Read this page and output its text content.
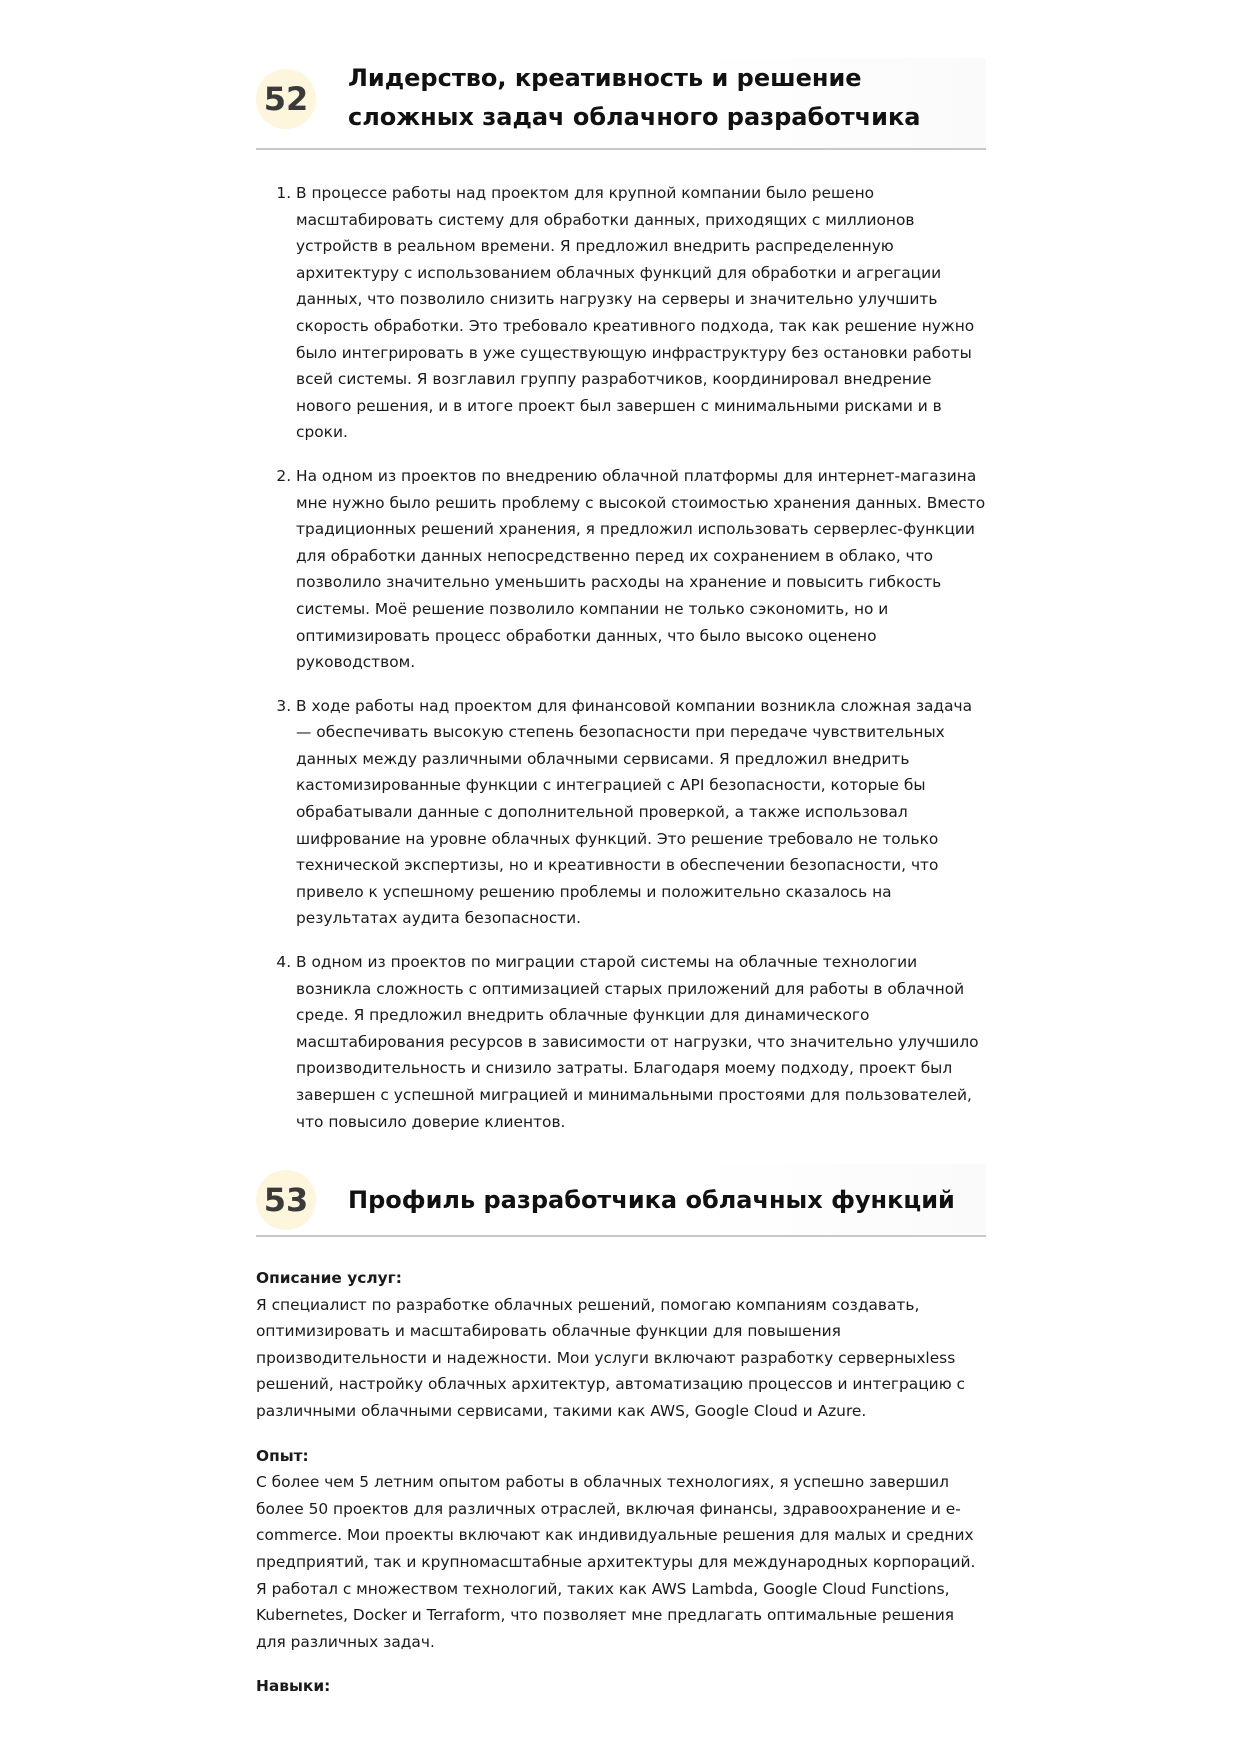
52
Лидерство, креативность и решение сложных задач облачного разработчика
1. В процессе работы над проектом для крупной компании было решено масштабировать систему для обработки данных, приходящих с миллионов устройств в реальном времени. Я предложил внедрить распределенную архитектуру с использованием облачных функций для обработки и агрегации данных, что позволило снизить нагрузку на серверы и значительно улучшить скорость обработки. Это требовало креативного подхода, так как решение нужно было интегрировать в уже существующую инфраструктуру без остановки работы всей системы. Я возглавил группу разработчиков, координировал внедрение нового решения, и в итоге проект был завершен с минимальными рисками и в сроки.
2. На одном из проектов по внедрению облачной платформы для интернет-магазина мне нужно было решить проблему с высокой стоимостью хранения данных. Вместо традиционных решений хранения, я предложил использовать серверлес-функции для обработки данных непосредственно перед их сохранением в облако, что позволило значительно уменьшить расходы на хранение и повысить гибкость системы. Моё решение позволило компании не только сэкономить, но и оптимизировать процесс обработки данных, что было высоко оценено руководством.
3. В ходе работы над проектом для финансовой компании возникла сложная задача — обеспечивать высокую степень безопасности при передаче чувствительных данных между различными облачными сервисами. Я предложил внедрить кастомизированные функции с интеграцией с API безопасности, которые бы обрабатывали данные с дополнительной проверкой, а также использовал шифрование на уровне облачных функций. Это решение требовало не только технической экспертизы, но и креативности в обеспечении безопасности, что привело к успешному решению проблемы и положительно сказалось на результатах аудита безопасности.
4. В одном из проектов по миграции старой системы на облачные технологии возникла сложность с оптимизацией старых приложений для работы в облачной среде. Я предложил внедрить облачные функции для динамического масштабирования ресурсов в зависимости от нагрузки, что значительно улучшило производительность и снизило затраты. Благодаря моему подходу, проект был завершен с успешной миграцией и минимальными простоями для пользователей, что повысило доверие клиентов.
53	Профиль разработчика облачных функций

Описание услуг:

Я специалист по разработке облачных решений, помогаю компаниям создавать, оптимизировать и масштабировать облачные функции для повышения производительности и надежности. Мои услуги включают разработку серверныхless решений, настройку облачных архитектур, автоматизацию процессов и интеграцию с различными облачными сервисами, такими как AWS, Google Cloud и Azure.

Опыт:

С более чем 5 летним опытом работы в облачных технологиях, я успешно завершил более 50 проектов для различных отраслей, включая финансы, здравоохранение и e-commerce. Мои проекты включают как индивидуальные решения для малых и средних предприятий, так и крупномасштабные архитектуры для международных корпораций. Я работал с множеством технологий, таких как AWS Lambda, Google Cloud Functions, Kubernetes, Docker и Terraform, что позволяет мне предлагать оптимальные решения для различных задач.

Навыки:
